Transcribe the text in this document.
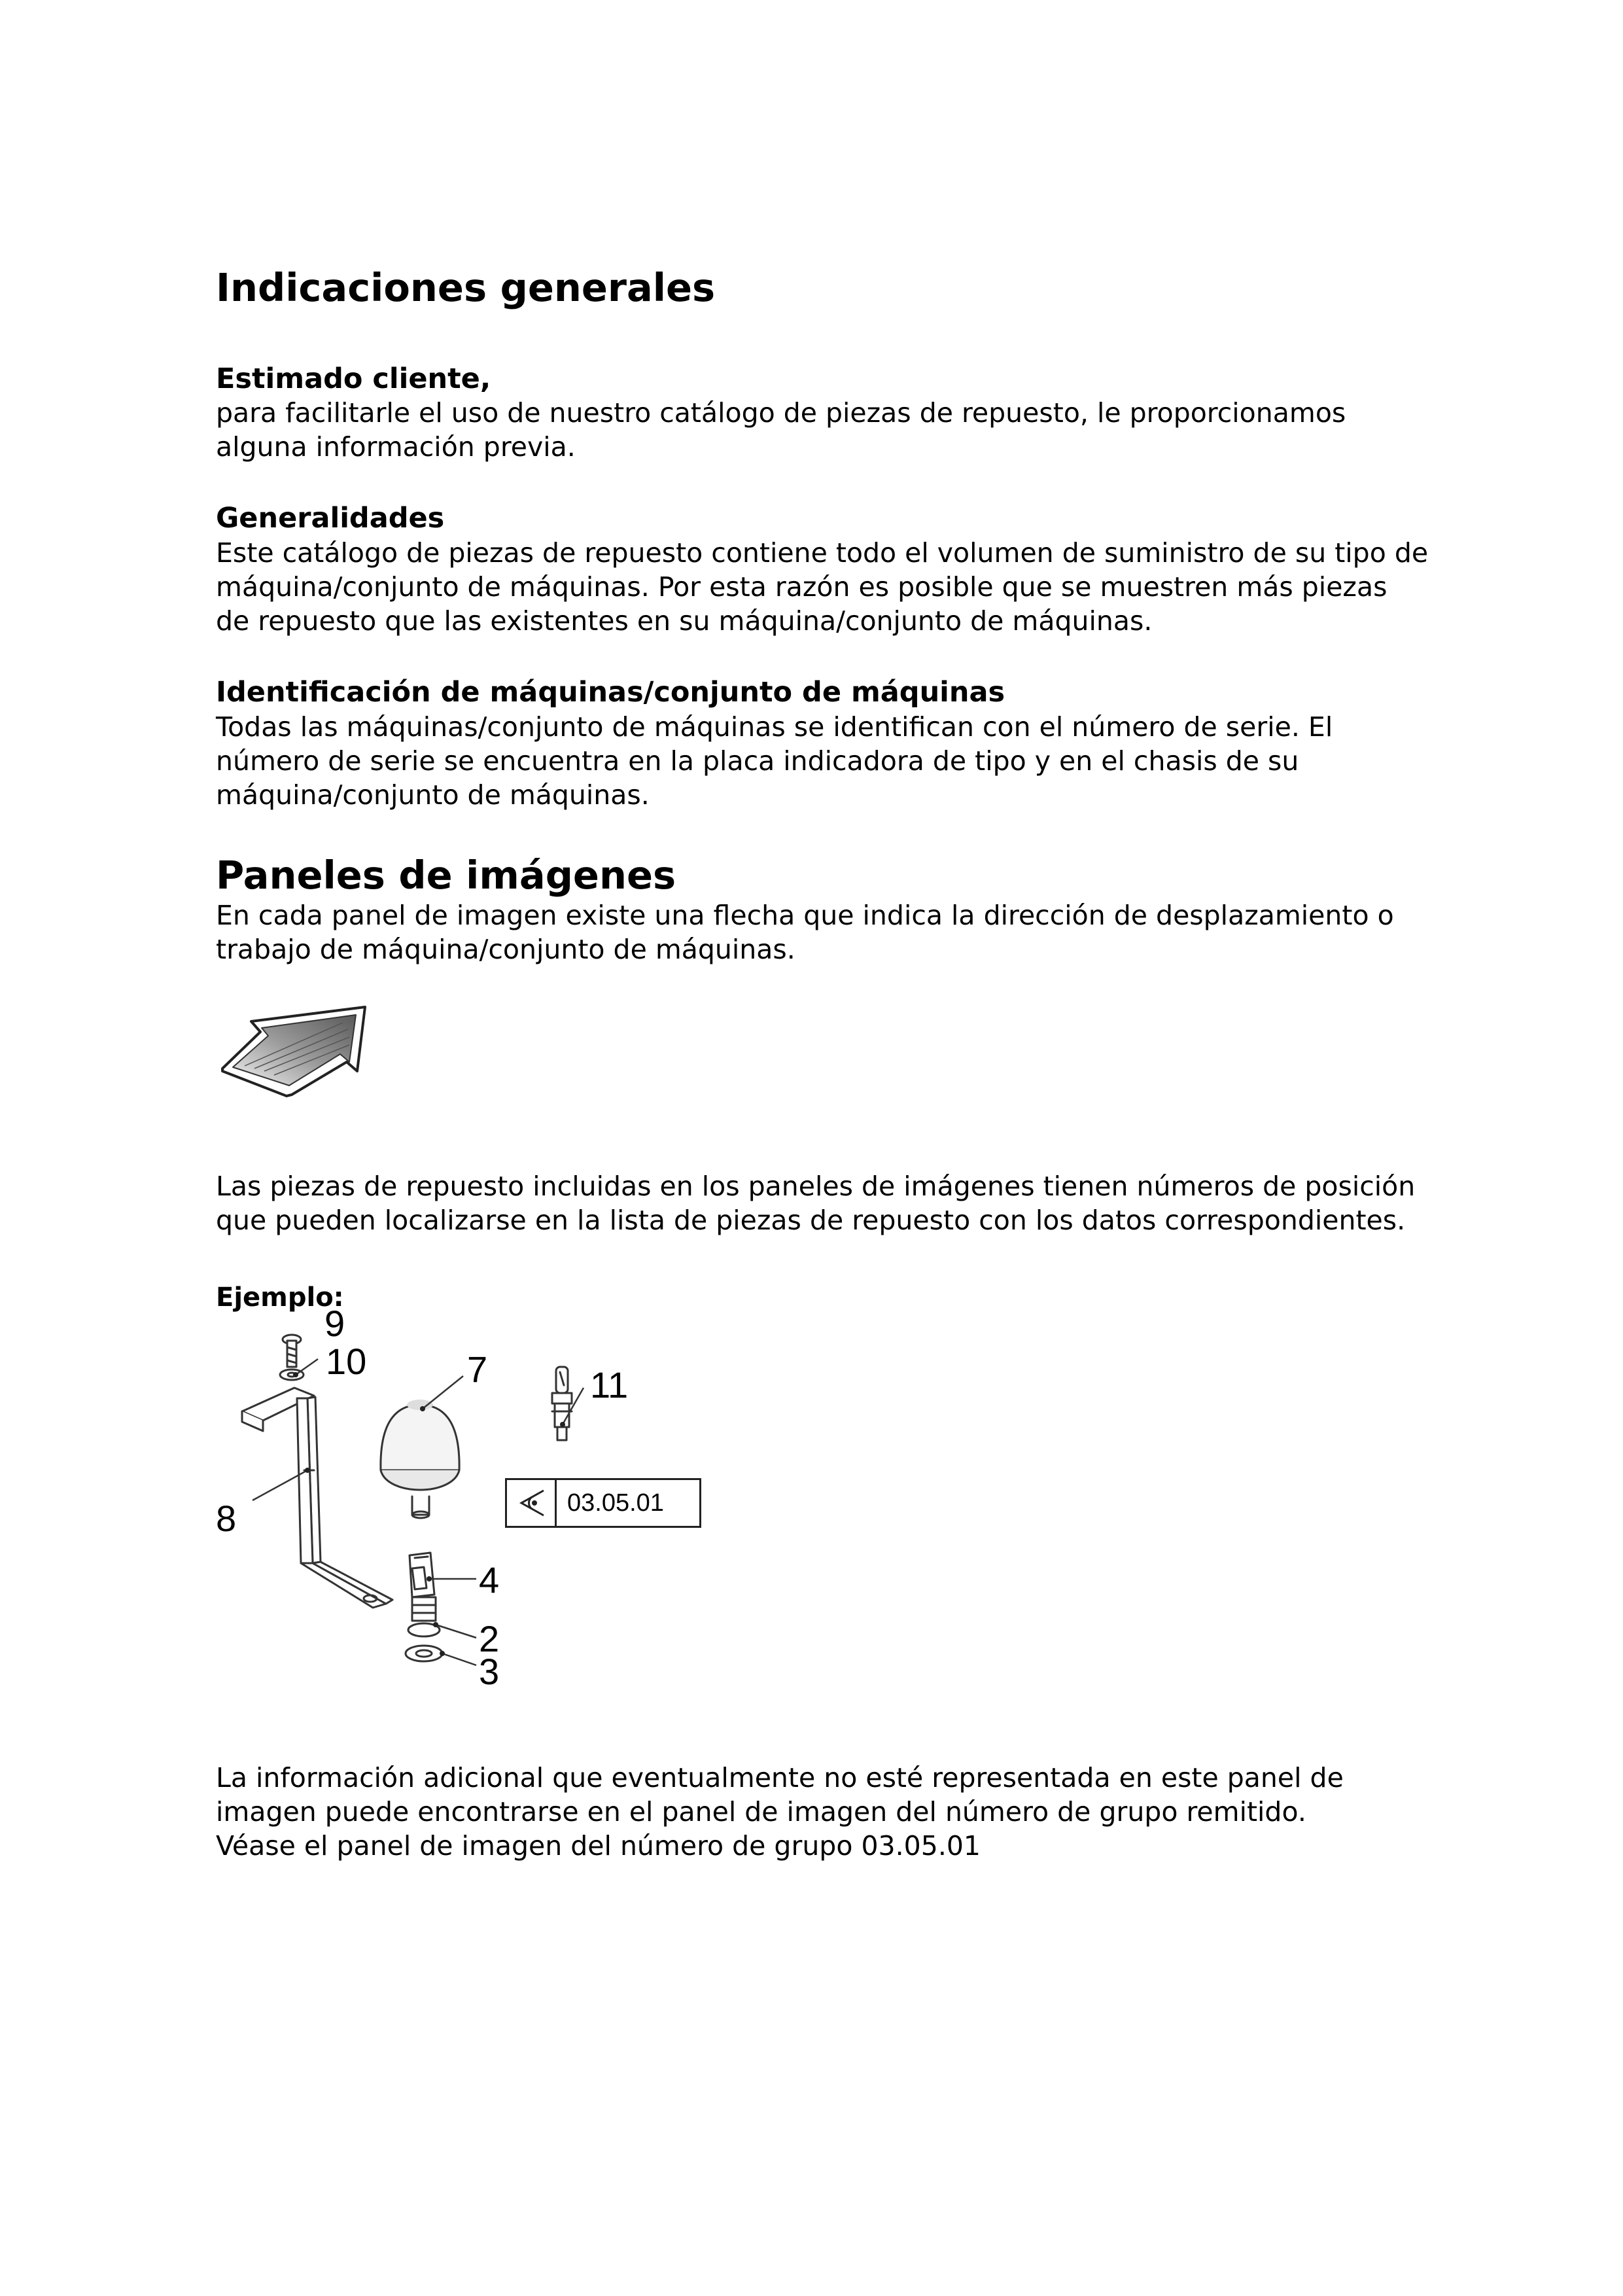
Indicaciones generales
Estimado cliente,

para facilitarle el uso de nuestro catálogo de piezas de repuesto, le proporcionamos

alguna información previa.

Generalidades

Este catálogo de piezas de repuesto contiene todo el volumen de suministro de su tipo de

máquina/conjunto de máquinas. Por esta razón es posible que se muestren más piezas

de repuesto que las existentes en su máquina/conjunto de máquinas.

Identificación de máquinas/conjunto de máquinas

Todas las máquinas/conjunto de máquinas se identifican con el número de serie. El

número de serie se encuentra en la placa indicadora de tipo y en el chasis de su

máquina/conjunto de máquinas.

Paneles de imágenes

En cada panel de imagen existe una flecha que indica la dirección de desplazamiento o

trabajo de máquina/conjunto de máquinas.

Las piezas de repuesto incluidas en los paneles de imágenes tienen números de posición

que pueden localizarse en la lista de piezas de repuesto con los datos correspondientes.

Ejemplo:
9
10	7	11
8
4
2
3
03.05.01

La información adicional que eventualmente no esté representada en este panel de

imagen puede encontrarse en el panel de imagen del número de grupo remitido.

Véase el panel de imagen del número de grupo 03.05.01
